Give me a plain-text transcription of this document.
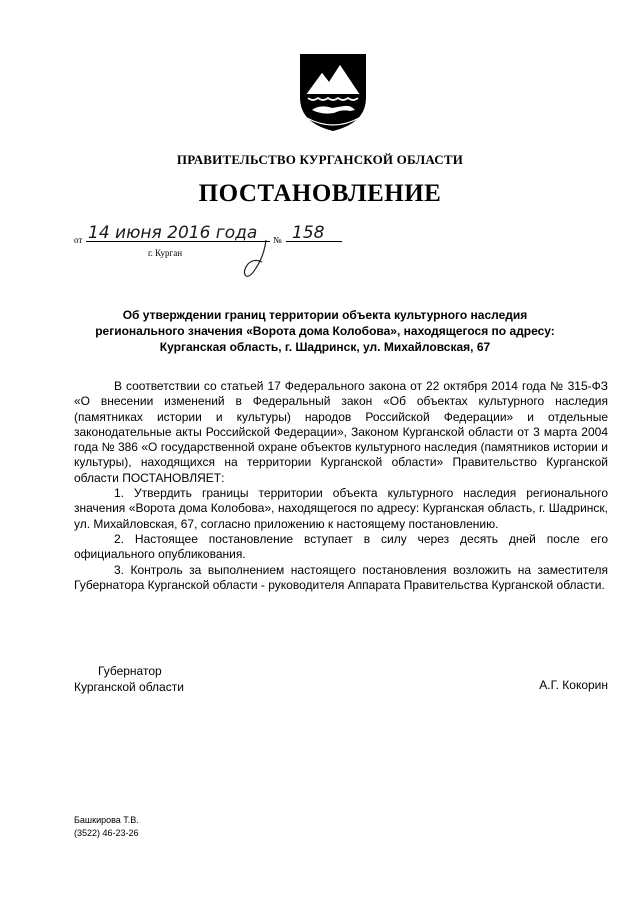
ПРАВИТЕЛЬСТВО КУРГАНСКОЙ ОБЛАСТИ
ПОСТАНОВЛЕНИЕ
от 14 июня 2016 года № 158
г. Курган
Об утверждении границ территории объекта культурного наследия
регионального значения «Ворота дома Колобова», находящегося по адресу:
Курганская область, г. Шадринск, ул. Михайловская, 67

В соответствии со статьей 17 Федерального закона от 22 октября 2014 года № 315-ФЗ «О внесении изменений в Федеральный закон «Об объектах культурного наследия (памятниках истории и культуры) народов Российской Федерации» и отдельные законодательные акты Российской Федерации», Законом Курганской области от 3 марта 2004 года № 386 «О государственной охране объектов культурного наследия (памятников истории и культуры), находящихся на территории Курганской области» Правительство Курганской области ПОСТАНОВЛЯЕТ:

1. Утвердить границы территории объекта культурного наследия регионального значения «Ворота дома Колобова», находящегося по адресу: Курганская область, г. Шадринск, ул. Михайловская, 67, согласно приложению к настоящему постановлению.

2. Настоящее постановление вступает в силу через десять дней после его официального опубликования.

3. Контроль за выполнением настоящего постановления возложить на заместителя Губернатора Курганской области - руководителя Аппарата Правительства Курганской области.

Губернатор
Курганской области	А.Г. Кокорин
Башкирова Т.В.
(3522) 46-23-26
